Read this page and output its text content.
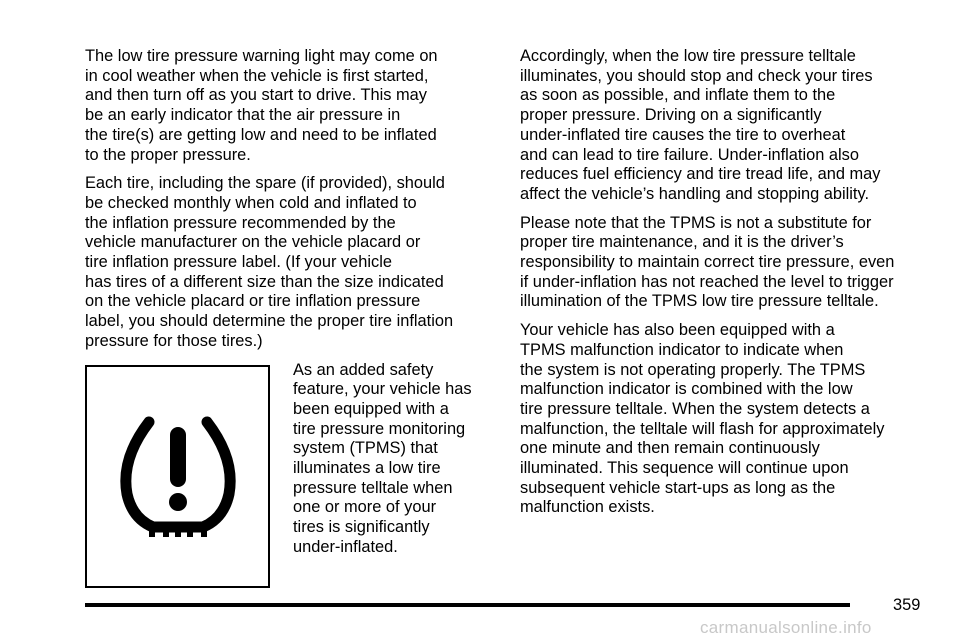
The low tire pressure warning light may come on
in cool weather when the vehicle is first started,
and then turn off as you start to drive. This may
be an early indicator that the air pressure in
the tire(s) are getting low and need to be inflated
to the proper pressure.

Each tire, including the spare (if provided), should
be checked monthly when cold and inflated to
the inflation pressure recommended by the
vehicle manufacturer on the vehicle placard or
tire inflation pressure label. (If your vehicle
has tires of a different size than the size indicated
on the vehicle placard or tire inflation pressure
label, you should determine the proper tire inflation
pressure for those tires.)

As an added safety
feature, your vehicle has
been equipped with a
tire pressure monitoring
system (TPMS) that
illuminates a low tire
pressure telltale when
one or more of your
tires is significantly
under-inflated.

Accordingly, when the low tire pressure telltale
illuminates, you should stop and check your tires
as soon as possible, and inflate them to the
proper pressure. Driving on a significantly
under-inflated tire causes the tire to overheat
and can lead to tire failure. Under-inflation also
reduces fuel efficiency and tire tread life, and may
affect the vehicle’s handling and stopping ability.

Please note that the TPMS is not a substitute for
proper tire maintenance, and it is the driver’s
responsibility to maintain correct tire pressure, even
if under-inflation has not reached the level to trigger
illumination of the TPMS low tire pressure telltale.

Your vehicle has also been equipped with a
TPMS malfunction indicator to indicate when
the system is not operating properly. The TPMS
malfunction indicator is combined with the low
tire pressure telltale. When the system detects a
malfunction, the telltale will flash for approximately
one minute and then remain continuously
illuminated. This sequence will continue upon
subsequent vehicle start-ups as long as the
malfunction exists.

359
carmanualsonline.info
